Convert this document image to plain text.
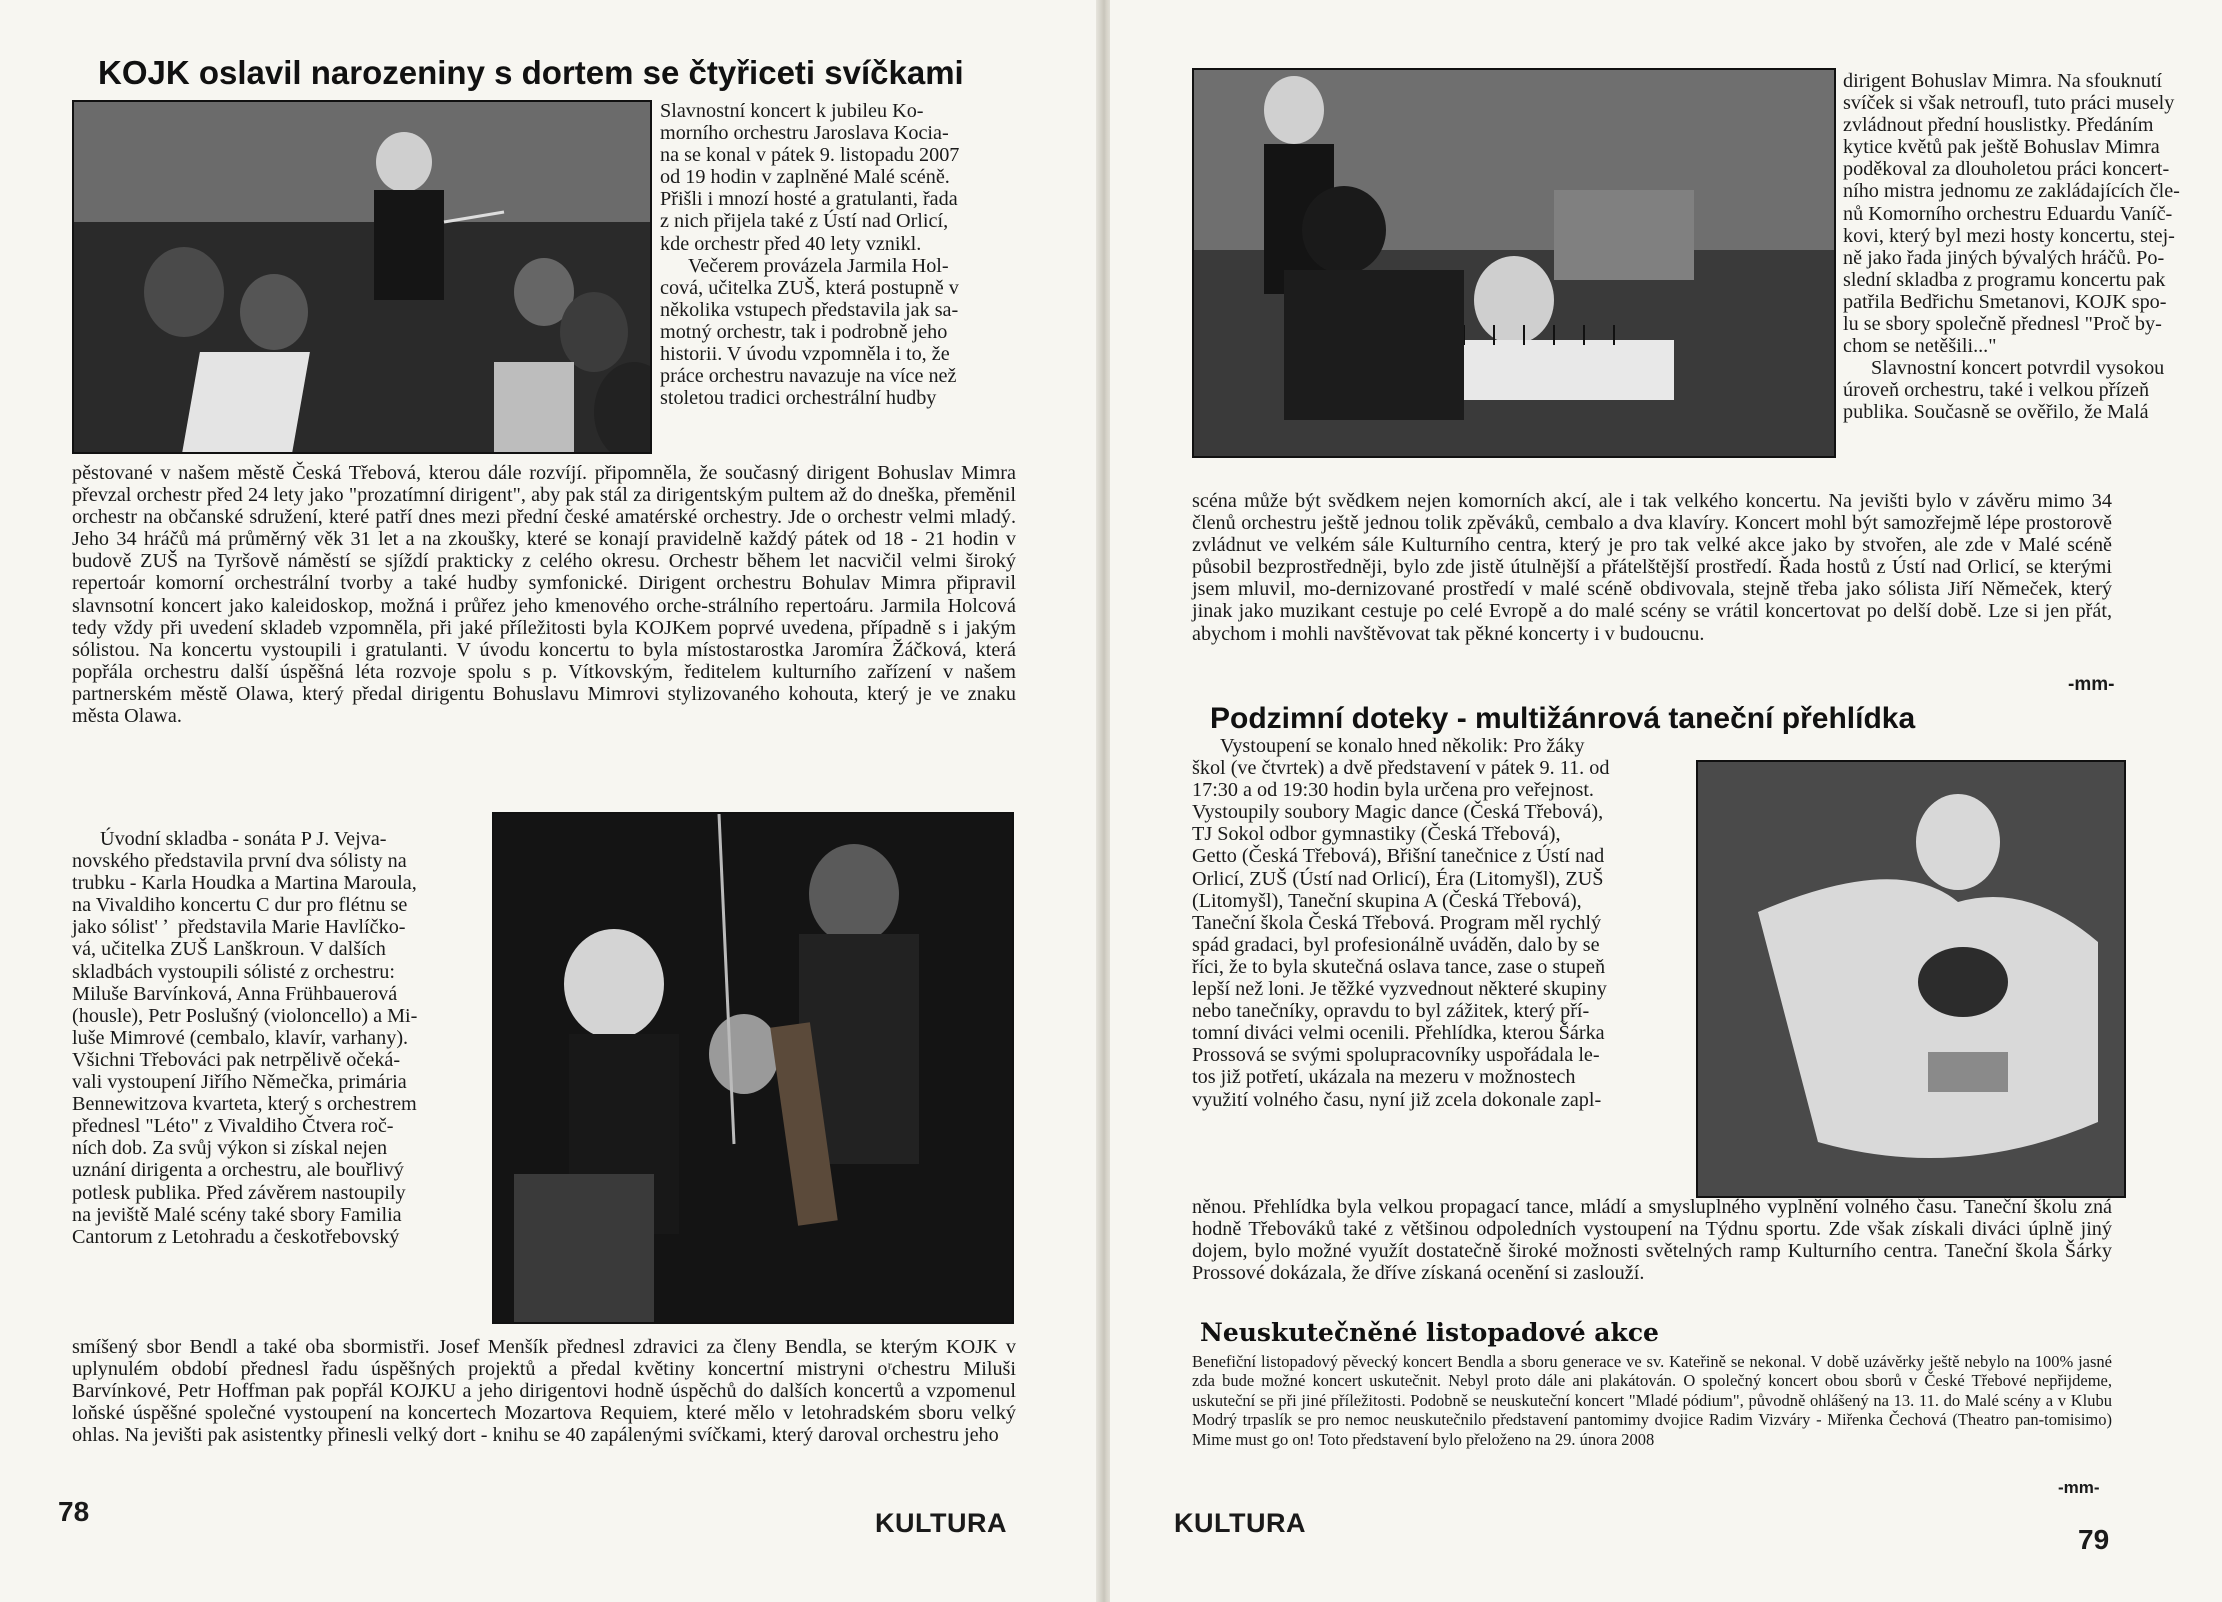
KOJK oslavil narozeniny s dortem se čtyřiceti svíčkami

Slavnostní koncert k jubileu Ko-

morního orchestru Jaroslava Kocia-

na se konal v pátek 9. listopadu 2007

od 19 hodin v zaplněné Malé scéně.

Přišli i mnozí hosté a gratulanti, řada

z nich přijela také z Ústí nad Orlicí,

kde orchestr před 40 lety vznikl.

Večerem provázela Jarmila Hol-

cová, učitelka ZUŠ, která postupně v

několika vstupech představila jak sa-

motný orchestr, tak i podrobně jeho

historii. V úvodu vzpomněla i to, že

práce orchestru navazuje na více než

stoletou tradici orchestrální hudby

pěstované v našem městě Česká Třebová, kterou dále rozvíjí. připomněla, že současný dirigent Bohuslav Mimra převzal orchestr před 24 lety jako "prozatímní dirigent", aby pak stál za dirigentským pultem až do dneška, přeměnil orchestr na občanské sdružení, které patří dnes mezi přední české amatérské orchestry. Jde o orchestr velmi mladý. Jeho 34 hráčů má průměrný věk 31 let a na zkoušky, které se konají pravidelně každý pátek od 18 - 21 hodin v budově ZUŠ na Tyršově náměstí se sjíždí prakticky z celého okresu. Orchestr během let nacvičil velmi široký repertoár komorní orchestrální tvorby a také hudby symfonické. Dirigent orchestru Bohulav Mimra připravil slavnsotní koncert jako kaleidoskop, možná i průřez jeho kmenového orche-strálního repertoáru. Jarmila Holcová tedy vždy při uvedení skladeb vzpomněla, při jaké příležitosti byla KOJKem poprvé uvedena, případně s i jakým sólistou. Na koncertu vystoupili i gratulanti. V úvodu koncertu to byla místostarostka Jaromíra Žáčková, která popřála orchestru další úspěšná léta rozvoje spolu s p. Vítkovským, ředitelem kulturního zařízení v našem partnerském městě Olawa, který předal dirigentu Bohuslavu Mimrovi stylizovaného kohouta, který je ve znaku města Olawa.

Úvodní skladba - sonáta P J. Vejva-

novského představila první dva sólisty na

trubku - Karla Houdka a Martina Maroula,

na Vivaldiho koncertu C dur pro flétnu se

jako sólist' ʼ  představila Marie Havlíčko-

vá, učitelka ZUŠ Lanškroun. V dalších

skladbách vystoupili sólisté z orchestru:

Miluše Barvínková, Anna Frühbauerová

(housle), Petr Poslušný (violoncello) a Mi-

luše Mimrové (cembalo, klavír, varhany).

Všichni Třebováci pak netrpělivě očeká-

vali vystoupení Jiřího Němečka, primária

Bennewitzova kvarteta, který s orchestrem

přednesl "Léto" z Vivaldiho Čtvera roč-

ních dob. Za svůj výkon si získal nejen

uznání dirigenta a orchestru, ale bouřlivý

potlesk publika. Před závěrem nastoupily

na jeviště Malé scény také sbory Familia

Cantorum z Letohradu a českotřebovský

smíšený sbor Bendl a také oba sbormistři. Josef Menšík přednesl zdravici za členy Bendla, se kterým KOJK v uplynulém období přednesl řadu úspěšných projektů a předal květiny koncertní mistryni oʳchestru Miluši Barvínkové, Petr Hoffman pak popřál KOJKU a jeho dirigentovi hodně úspěchů do dalších koncertů a vzpomenul loňské úspěšné společné vystoupení na koncertech Mozartova Requiem, které mělo v letohradském sboru velký ohlas. Na jevišti pak asistentky přinesli velký dort - knihu se 40 zapálenými svíčkami, který daroval orchestru jeho
78	KULTURA

dirigent Bohuslav Mimra. Na sfouknutí

svíček si však netroufl, tuto práci musely

zvládnout přední houslistky. Předáním

kytice květů pak ještě Bohuslav Mimra

poděkoval za dlouholetou práci koncert-

ního mistra jednomu ze zakládajících čle-

nů Komorního orchestru Eduardu Vaníč-

kovi, který byl mezi hosty koncertu, stej-

ně jako řada jiných bývalých hráčů. Po-

slední skladba z programu koncertu pak

patřila Bedřichu Smetanovi, KOJK spo-

lu se sbory společně přednesl "Proč by-

chom se netěšili..."

Slavnostní koncert potvrdil vysokou

úroveň orchestru, také i velkou přízeň

publika. Současně se ověřilo, že Malá

scéna může být svědkem nejen komorních akcí, ale i tak velkého koncertu. Na jevišti bylo v závěru mimo 34 členů orchestru ještě jednou tolik zpěváků, cembalo a dva klavíry. Koncert mohl být samozřejmě lépe prostorově zvládnut ve velkém sále Kulturního centra, který je pro tak velké akce jako by stvořen, ale zde v Malé scéně působil bezprostředněji, bylo zde jistě útulnější a přátelštější prostředí. Řada hostů z Ústí nad Orlicí, se kterými jsem mluvil, mo-dernizované prostředí v malé scéně obdivovala, stejně třeba jako sólista Jiří Němeček, který jinak jako muzikant cestuje po celé Evropě a do malé scény se vrátil koncertovat po delší době. Lze si jen přát, abychom i mohli navštěvovat tak pěkné koncerty i v budoucnu.
-mm-
Podzimní doteky - multižánrová taneční přehlídka

Vystoupení se konalo hned několik: Pro žáky

škol (ve čtvrtek) a dvě představení v pátek 9. 11. od

17:30 a od 19:30 hodin byla určena pro veřejnost.

Vystoupily soubory Magic dance (Česká Třebová),

TJ Sokol odbor gymnastiky (Česká Třebová),

Getto (Česká Třebová), Břišní tanečnice z Ústí nad

Orlicí, ZUŠ (Ústí nad Orlicí), Éra (Litomyšl), ZUŠ

(Litomyšl), Taneční skupina A (Česká Třebová),

Taneční škola Česká Třebová. Program měl rychlý

spád gradaci, byl profesionálně uváděn, dalo by se

říci, že to byla skutečná oslava tance, zase o stupeň

lepší než loni. Je těžké vyzvednout některé skupiny

nebo tanečníky, opravdu to byl zážitek, který pří-

tomní diváci velmi ocenili. Přehlídka, kterou Šárka

Prossová se svými spolupracovníky uspořádala le-

tos již potřetí, ukázala na mezeru v možnostech

využití volného času, nyní již zcela dokonale zapl-

něnou. Přehlídka byla velkou propagací tance, mládí a smysluplného vyplnění volného času. Taneční školu zná hodně Třebováků také z většinou odpoledních vystoupení na Týdnu sportu. Zde však získali diváci úplně jiný dojem, bylo možné využít dostatečně široké možnosti světelných ramp Kulturního centra. Taneční škola Šárky Prossové dokázala, že dříve získaná ocenění si zaslouží.
Neuskutečněné listopadové akce
Benefiční listopadový pěvecký koncert Bendla a sboru generace ve sv. Kateřině se nekonal. V době uzávěrky ještě nebylo na 100% jasné zda bude možné koncert uskutečnit. Nebyl proto dále ani plakátován. O společný koncert obou sborů v České Třebové nepřijdeme, uskuteční se při jiné příležitosti. Podobně se neuskuteční koncert "Mladé pódium", původně ohlášený na 13. 11. do Malé scény a v Klubu Modrý trpaslík se pro nemoc neuskutečnilo představení pantomimy dvojice Radim Vizváry - Miřenka Čechová (Theatro pan-tomisimo) Mime must go on! Toto představení bylo přeloženo na 29. února 2008
-mm-
KULTURA
79
